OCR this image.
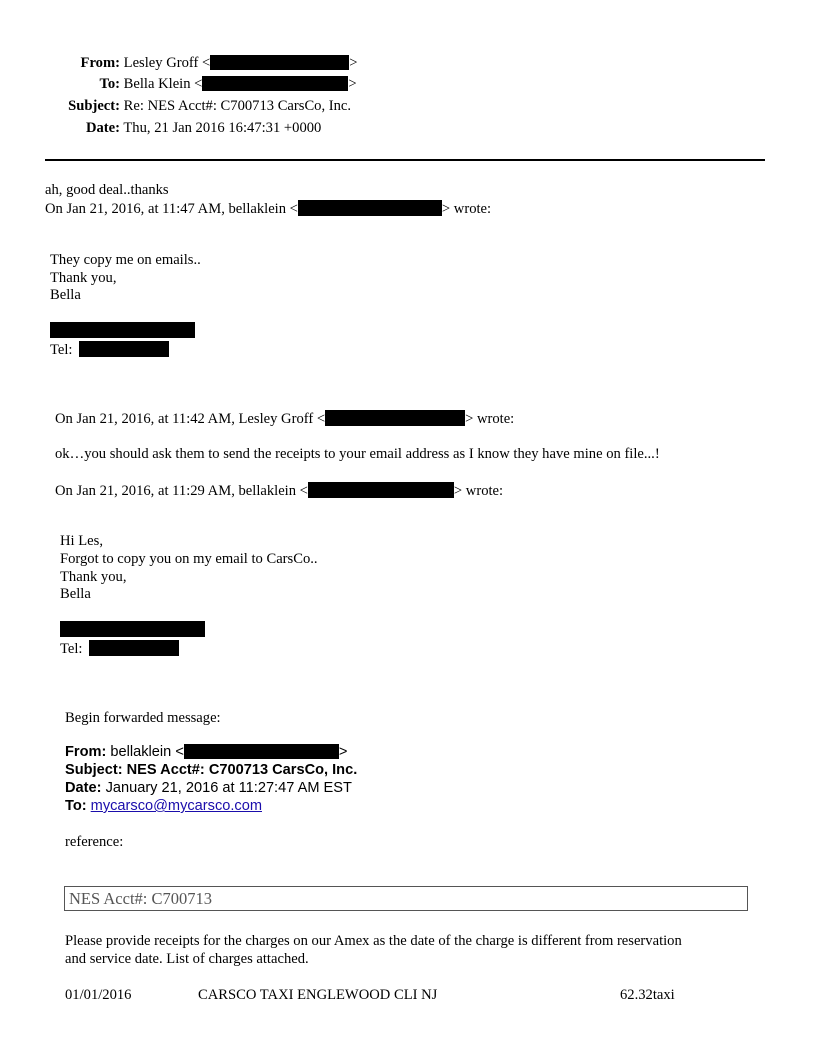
From: Lesley Groff <	>
To: Bella Klein <	>
Subject: Re: NES Acct#: C700713 CarsCo, Inc.
Date: Thu, 21 Jan 2016 16:47:31 +0000
ah, good deal..thanks
On Jan 21, 2016, at 11:47 AM, bellaklein <	> wrote:
They copy me on emails..
Thank you,
Bella
Tel:
On Jan 21, 2016, at 11:42 AM, Lesley Groff <	> wrote:
ok…you should ask them to send the receipts to your email address as I know they have mine on file...!
On Jan 21, 2016, at 11:29 AM, bellaklein <	> wrote:
Hi Les,
Forgot to copy you on my email to CarsCo..
Thank you,
Bella
Tel:
Begin forwarded message:
From: bellaklein <	>
Subject: NES Acct#: C700713 CarsCo, Inc.
Date: January 21, 2016 at 11:27:47 AM EST
To: mycarsco@mycarsco.com
reference:
NES Acct#: C700713
Please provide receipts for the charges on our Amex as the date of the charge is different from reservation
and service date. List of charges attached.
01/01/2016	CARSCO TAXI ENGLEWOOD CLI NJ	62.32taxi
